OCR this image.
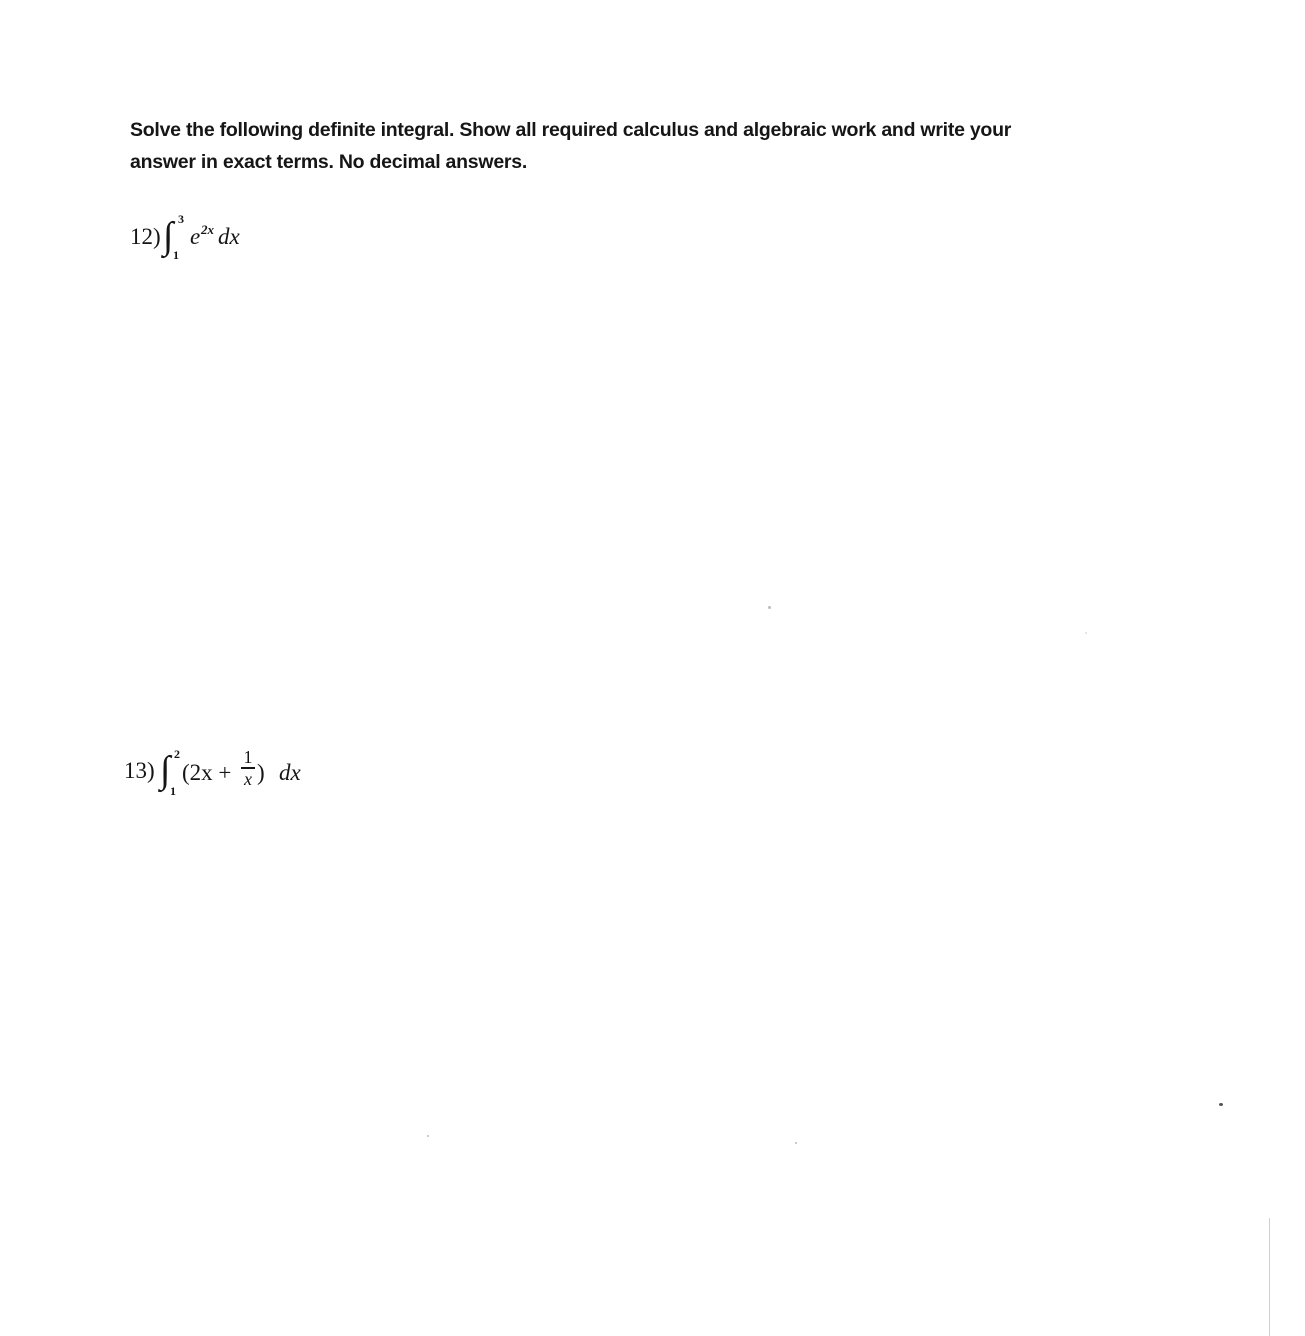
Solve the following definite integral. Show all required calculus and algebraic work and write your
answer in exact terms. No decimal answers.
12) ∫ 3
1
e 2x dx
13) ∫ 2
1
(2x +
1
x ) dx
